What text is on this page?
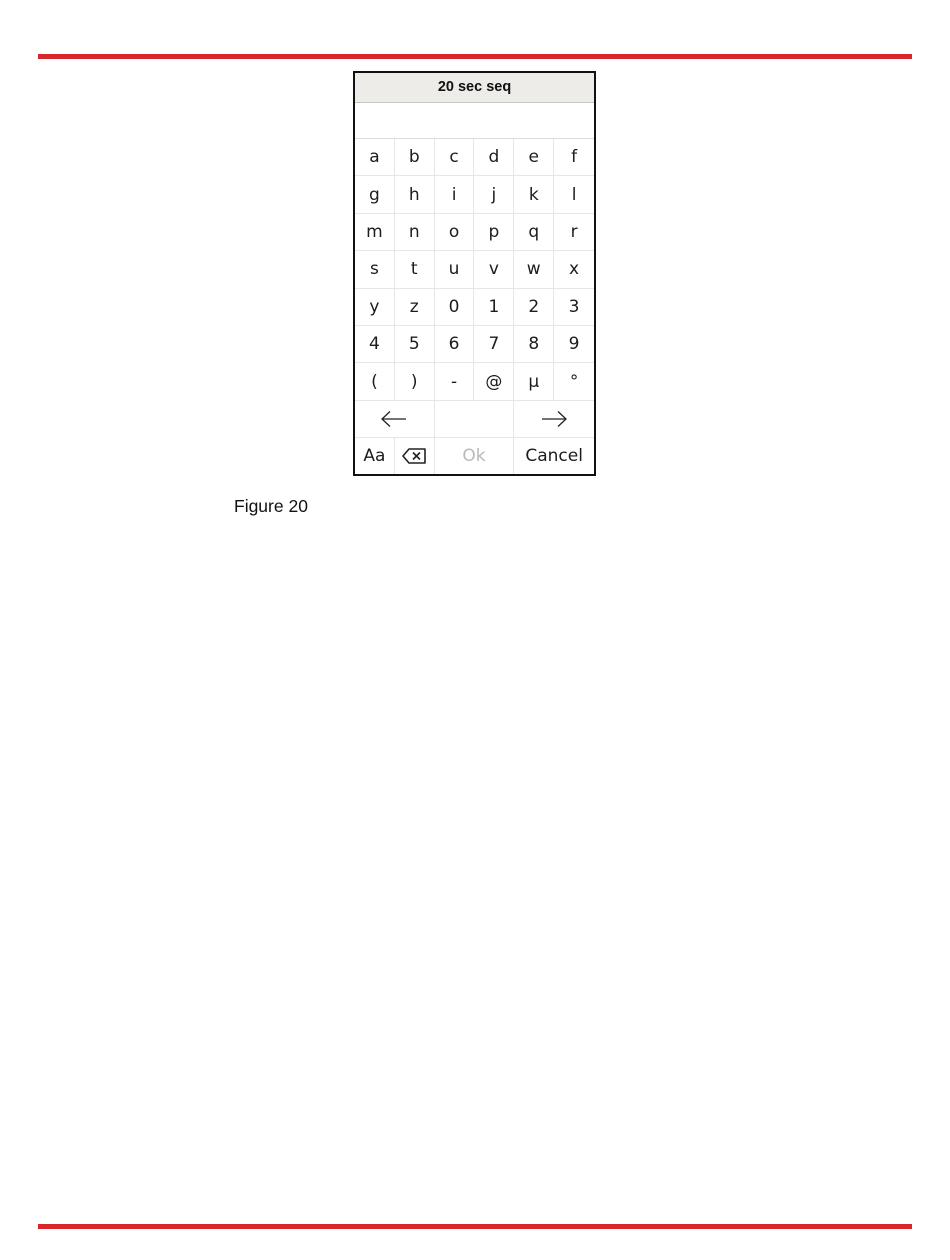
20 sec seq
a	b	c	d	e	f
g	h	i	j	k	l
m	n	o	p	q	r
s	t	u	v	w	x
y	z	0	1	2	3
4	5	6	7	8	9
(	)	-	@	µ	°
Aa	Ok	Cancel
Figure 20
